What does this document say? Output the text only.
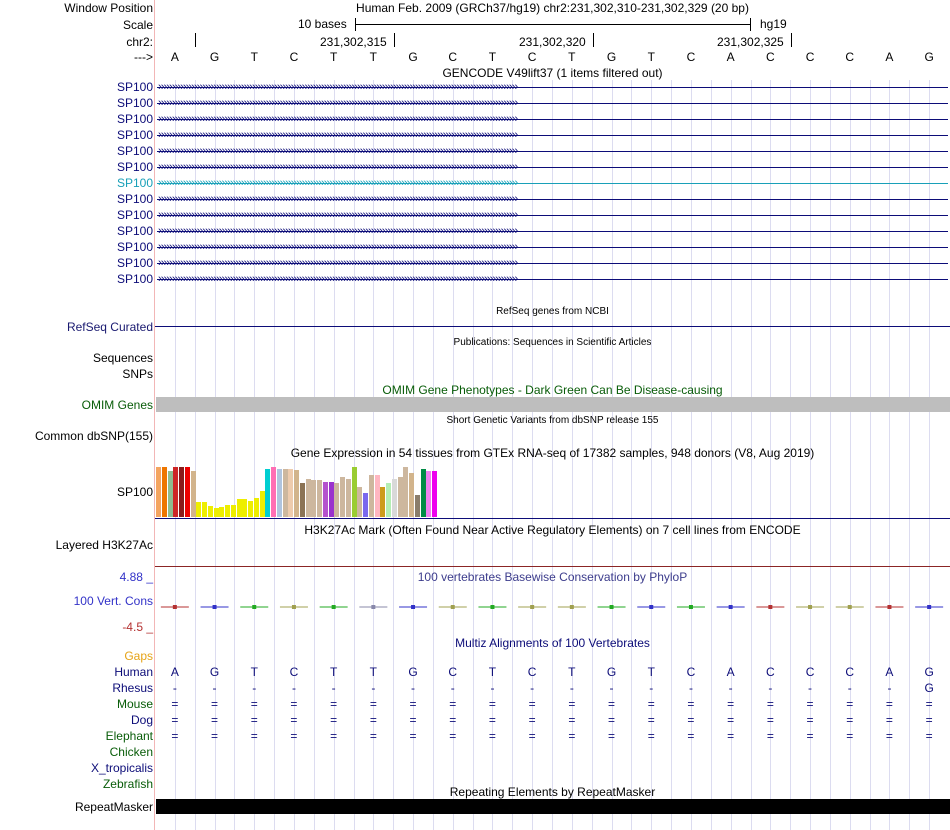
Window Position	Human Feb. 2009 (GRCh37/hg19) chr2:231,302,310-231,302,329 (20 bp)
Scale	10 bases	hg19
chr2:	231,302,315	231,302,320	231,302,325
--->	A	G	T	C	T	T	G	C	T	C	T	G	T	C	A	C	C	C	A	G
GENCODE V49lift37 (1 items filtered out)
SP100 ››››››››››››››››››››››››››››››››››››››››››››››››››››››››››››››››››››››››››››››››››››››››››››››››››››››››››››››››››››››››››››››››››
SP100 ››››››››››››››››››››››››››››››››››››››››››››››››››››››››››››››››››››››››››››››››››››››››››››››››››››››››››››››››››››››››››››››››››
SP100 ››››››››››››››››››››››››››››››››››››››››››››››››››››››››››››››››››››››››››››››››››››››››››››››››››››››››››››››››››››››››››››››››››
SP100 ››››››››››››››››››››››››››››››››››››››››››››››››››››››››››››››››››››››››››››››››››››››››››››››››››››››››››››››››››››››››››››››››››
SP100 ››››››››››››››››››››››››››››››››››››››››››››››››››››››››››››››››››››››››››››››››››››››››››››››››››››››››››››››››››››››››››››››››››
SP100 ››››››››››››››››››››››››››››››››››››››››››››››››››››››››››››››››››››››››››››››››››››››››››››››››››››››››››››››››››››››››››››››››››
SP100 ››››››››››››››››››››››››››››››››››››››››››››››››››››››››››››››››››››››››››››››››››››››››››››››››››››››››››››››››››››››››››››››››››
SP100 ››››››››››››››››››››››››››››››››››››››››››››››››››››››››››››››››››››››››››››››››››››››››››››››››››››››››››››››››››››››››››››››››››
SP100 ››››››››››››››››››››››››››››››››››››››››››››››››››››››››››››››››››››››››››››››››››››››››››››››››››››››››››››››››››››››››››››››››››
SP100 ››››››››››››››››››››››››››››››››››››››››››››››››››››››››››››››››››››››››››››››››››››››››››››››››››››››››››››››››››››››››››››››››››
SP100 ››››››››››››››››››››››››››››››››››››››››››››››››››››››››››››››››››››››››››››››››››››››››››››››››››››››››››››››››››››››››››››››››››
SP100 ››››››››››››››››››››››››››››››››››››››››››››››››››››››››››››››››››››››››››››››››››››››››››››››››››››››››››››››››››››››››››››››››››
SP100 ››››››››››››››››››››››››››››››››››››››››››››››››››››››››››››››››››››››››››››››››››››››››››››››››››››››››››››››››››››››››››››››››››
RefSeq genes from NCBI
RefSeq Curated
Publications: Sequences in Scientific Articles
Sequences
SNPs
OMIM Gene Phenotypes - Dark Green Can Be Disease-causing
OMIM Genes
Short Genetic Variants from dbSNP release 155
Common dbSNP(155)
Gene Expression in 54 tissues from GTEx RNA-seq of 17382 samples, 948 donors (V8, Aug 2019)
SP100
H3K27Ac Mark (Often Found Near Active Regulatory Elements) on 7 cell lines from ENCODE
Layered H3K27Ac
100 vertebrates Basewise Conservation by PhyloP
4.88 _
100 Vert. Cons
-4.5 _
Multiz Alignments of 100 Vertebrates
Gaps
Human	A	G	T	C	T	T	G	C	T	C	T	G	T	C	A	C	C	C	A	G
Rhesus	-	-	-	-	-	-	-	-	-	-	-	-	-	-	-	-	-	-	-	G
Mouse	=	=	=	=	=	=	=	=	=	=	=	=	=	=	=	=	=	=	=	=
Dog	=	=	=	=	=	=	=	=	=	=	=	=	=	=	=	=	=	=	=	=
Elephant	=	=	=	=	=	=	=	=	=	=	=	=	=	=	=	=	=	=	=	=
Chicken
X_tropicalis
Zebrafish
Repeating Elements by RepeatMasker
RepeatMasker
